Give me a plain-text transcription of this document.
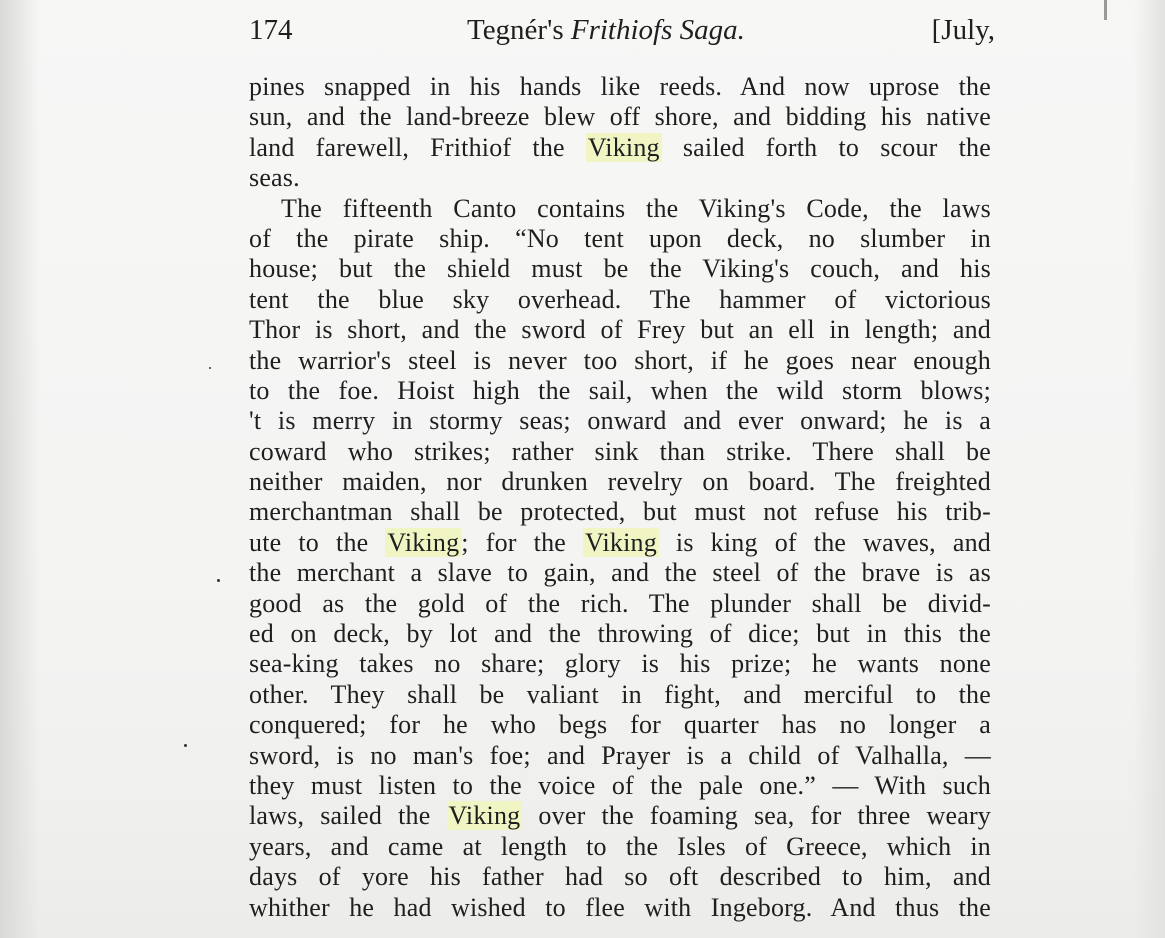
174	Tegnér's Frithiofs Saga.	[July,
pines snapped in his hands like reeds. And now uprose the
sun, and the land-breeze blew off shore, and bidding his native
land farewell, Frithiof the Viking sailed forth to scour the
seas.
The fifteenth Canto contains the Viking's Code, the laws
of the pirate ship. “No tent upon deck, no slumber in
house; but the shield must be the Viking's couch, and his
tent the blue sky overhead. The hammer of victorious
Thor is short, and the sword of Frey but an ell in length; and
the warrior's steel is never too short, if he goes near enough
to the foe. Hoist high the sail, when the wild storm blows;
't is merry in stormy seas; onward and ever onward; he is a
coward who strikes; rather sink than strike. There shall be
neither maiden, nor drunken revelry on board. The freighted
merchantman shall be protected, but must not refuse his trib-
ute to the Viking; for the Viking is king of the waves, and
the merchant a slave to gain, and the steel of the brave is as
good as the gold of the rich. The plunder shall be divid-
ed on deck, by lot and the throwing of dice; but in this the
sea-king takes no share; glory is his prize; he wants none
other. They shall be valiant in fight, and merciful to the
conquered; for he who begs for quarter has no longer a
sword, is no man's foe; and Prayer is a child of Valhalla, —
they must listen to the voice of the pale one.” — With such
laws, sailed the Viking over the foaming sea, for three weary
years, and came at length to the Isles of Greece, which in
days of yore his father had so oft described to him, and
whither he had wished to flee with Ingeborg. And thus the
